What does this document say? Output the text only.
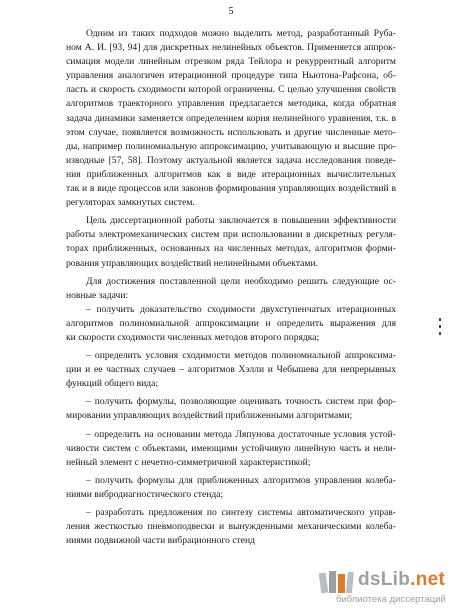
5
Одним из таких подходов можно выделить метод, разработанный Руба-
ном А. И. [93, 94] для дискретных нелинейных объектов. Применяется аппрок-
симация модели линейным отрезком ряда Тейлора и рекуррентный алгоритм
управления аналогичен итерационной процедуре типа Ньютона-Рафсона, об-
ласть и скорость сходимости которой ограничены. С целью улучшения свойств
алгоритмов траекторного управления предлагается методика, когда обратная
задача динамики заменяется определением корня нелинейного уравнения, т.к. в
этом случае, появляется возможность использовать и другие численные мето-
ды, например полиномиальную аппроксимацию, учитывающую и высшие про-
изводные [57, 58]. Поэтому актуальной является задача исследования поведе-
ния приближенных алгоритмов как в виде итерационных вычислительных
так и в виде процессов или законов формирования управляющих воздействий в
регуляторах замкнутых систем.
Цель диссертационной работы заключается в повышении эффективности
работы электромеханических систем при использовании в дискретных регуля-
торах приближенных, основанных на численных методах, алгоритмов форми-
рования управляющих воздействий нелинейными объектами.
Для достижения поставленной цели необходимо решить следующие ос-
новные задачи:
– получить доказательство сходимости двухступенчатых итерационных
алгоритмов полиномиальной аппроксимации и определить выражения для
ки скорости сходимости численных методов второго порядка;
– определить условия сходимости методов полиномиальной аппроксима-
ции и ее частных случаев – алгоритмов Хэлли и Чебышева для непрерывных
функций общего вида;
– получить формулы, позволяющие оценивать точность систем при фор-
мировании управляющих воздействий приближенными алгоритмами;
– определить на основании метода Ляпунова достаточные условия устой-
чивости систем с объектами, имеющими устойчивую линейную часть и нели-
нейный элемент с нечетно-симметричной характеристикой;
– получить формулы для приближенных алгоритмов управления колеба-
ниями вибродиагностического стенда;
– разработать предложения по синтезу системы автоматического управ-
ления жесткостью пневмоподвески и вынужденными механическими колеба-
ниями подвижной части вибрационного стенд
dsLib.net
библиотека диссертаций
